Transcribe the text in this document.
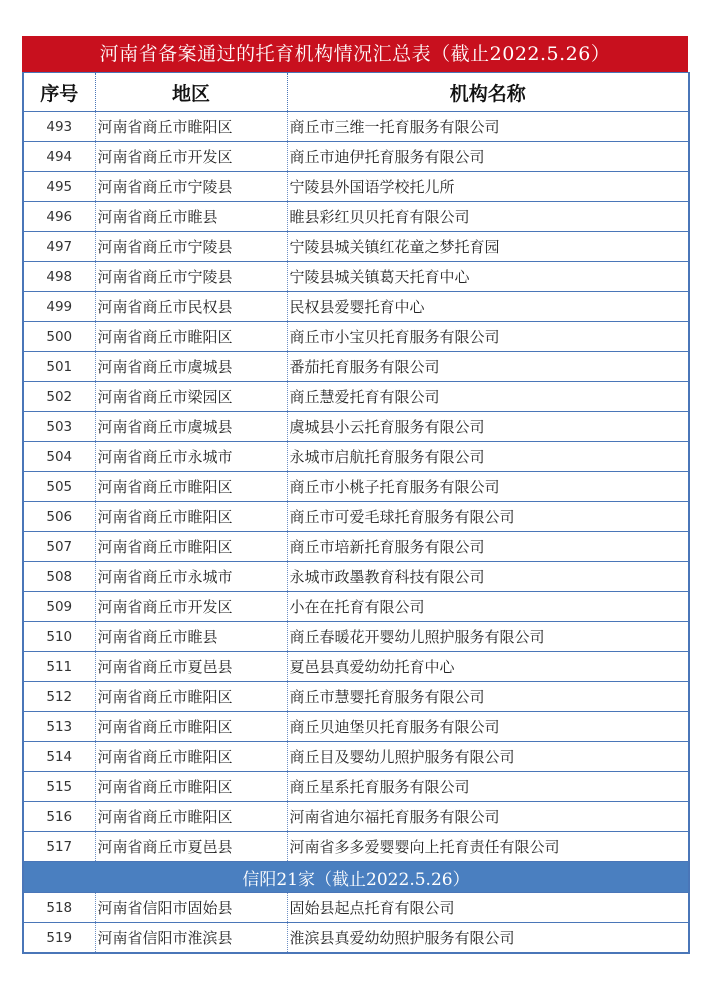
河南省备案通过的托育机构情况汇总表（截止2022.5.26）
序号	地区	机构名称
493	河南省商丘市睢阳区	商丘市三维一托育服务有限公司
494	河南省商丘市开发区	商丘市迪伊托育服务有限公司
495	河南省商丘市宁陵县	宁陵县外国语学校托儿所
496	河南省商丘市睢县	睢县彩红贝贝托育有限公司
497	河南省商丘市宁陵县	宁陵县城关镇红花童之梦托育园
498	河南省商丘市宁陵县	宁陵县城关镇葛天托育中心
499	河南省商丘市民权县	民权县爱婴托育中心
500	河南省商丘市睢阳区	商丘市小宝贝托育服务有限公司
501	河南省商丘市虞城县	番茄托育服务有限公司
502	河南省商丘市梁园区	商丘慧爱托育有限公司
503	河南省商丘市虞城县	虞城县小云托育服务有限公司
504	河南省商丘市永城市	永城市启航托育服务有限公司
505	河南省商丘市睢阳区	商丘市小桃子托育服务有限公司
506	河南省商丘市睢阳区	商丘市可爱毛球托育服务有限公司
507	河南省商丘市睢阳区	商丘市培新托育服务有限公司
508	河南省商丘市永城市	永城市政墨教育科技有限公司
509	河南省商丘市开发区	小在在托育有限公司
510	河南省商丘市睢县	商丘春暖花开婴幼儿照护服务有限公司
511	河南省商丘市夏邑县	夏邑县真爱幼幼托育中心
512	河南省商丘市睢阳区	商丘市慧婴托育服务有限公司
513	河南省商丘市睢阳区	商丘贝迪堡贝托育服务有限公司
514	河南省商丘市睢阳区	商丘目及婴幼儿照护服务有限公司
515	河南省商丘市睢阳区	商丘星系托育服务有限公司
516	河南省商丘市睢阳区	河南省迪尔福托育服务有限公司
517	河南省商丘市夏邑县	河南省多多爱婴婴向上托育责任有限公司
信阳21家（截止2022.5.26）		
518	河南省信阳市固始县	固始县起点托育有限公司
519	河南省信阳市淮滨县	淮滨县真爱幼幼照护服务有限公司
